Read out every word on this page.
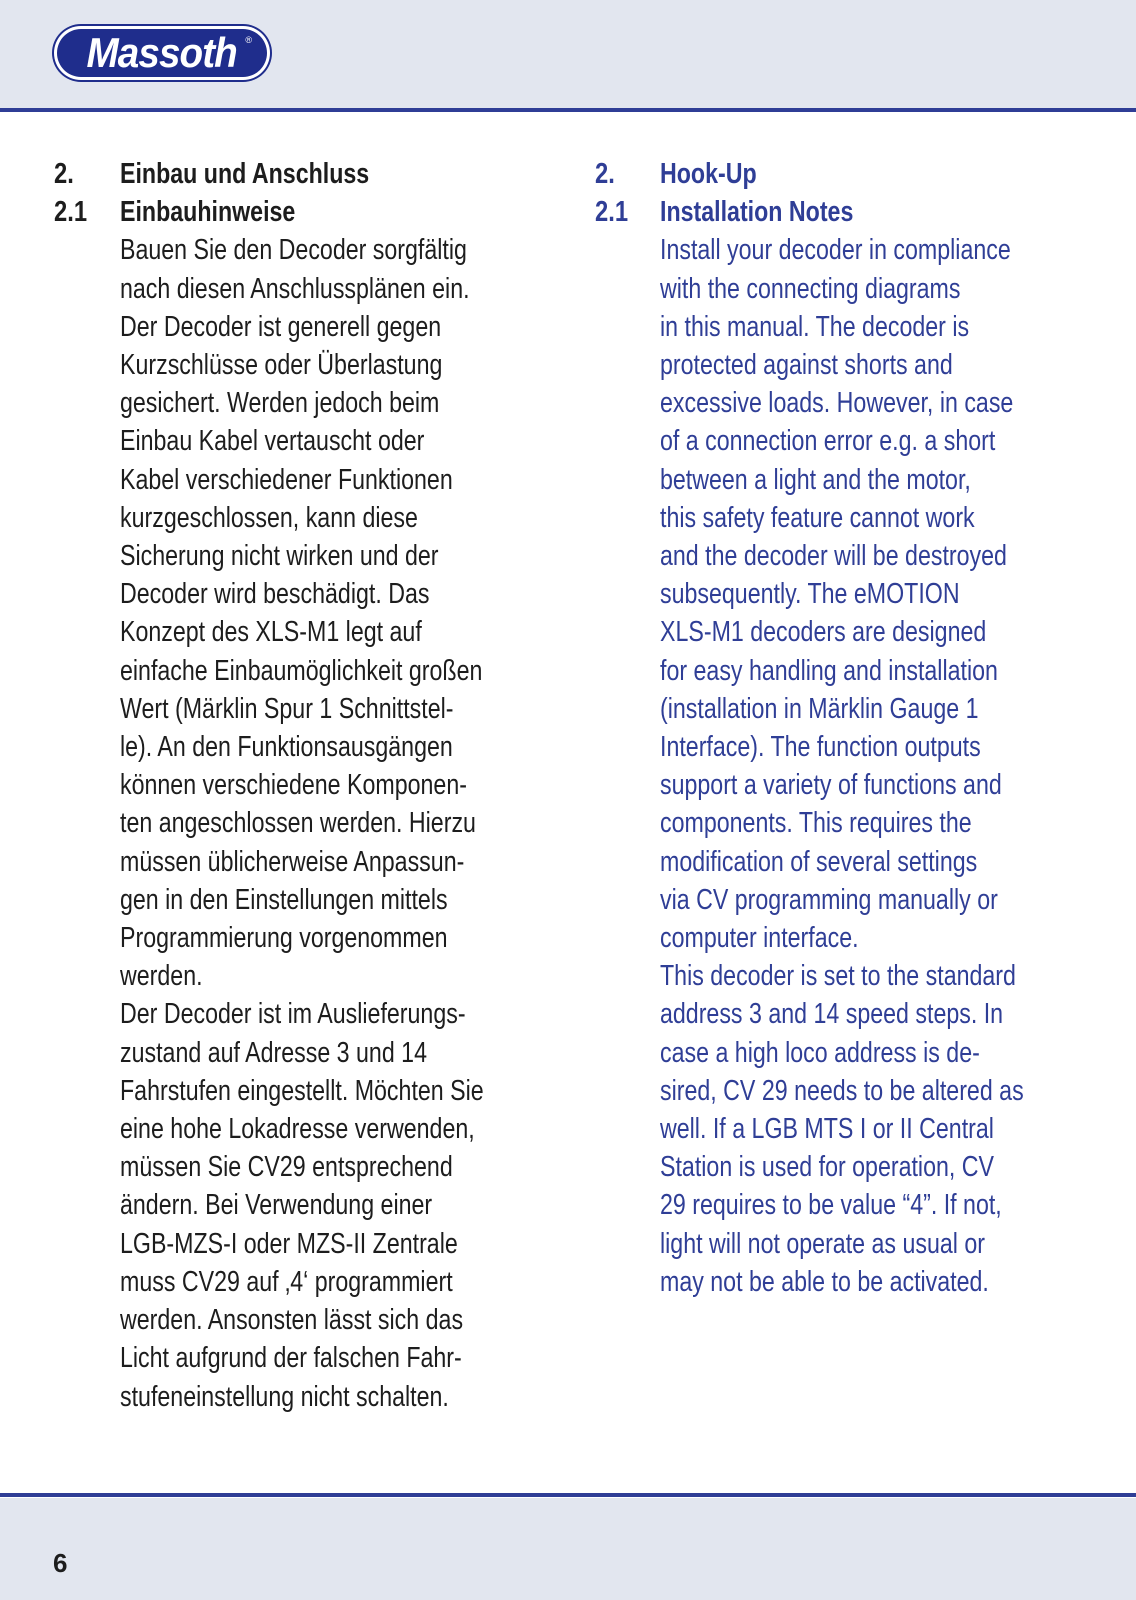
Massoth ®
2.	Einbau und Anschluss
2.1	Einbauhinweise
Bauen Sie den Decoder sorgfältig
nach diesen Anschlussplänen ein.
Der Decoder ist generell gegen
Kurzschlüsse oder Überlastung
gesichert. Werden jedoch beim
Einbau Kabel vertauscht oder
Kabel verschiedener Funktionen
kurzgeschlossen, kann diese
Sicherung nicht wirken und der
Decoder wird beschädigt. Das
Konzept des XLS-M1 legt auf
einfache Einbaumöglichkeit großen
Wert (Märklin Spur 1 Schnittstel-
le). An den Funktionsausgängen
können verschiedene Komponen-
ten angeschlossen werden. Hierzu
müssen üblicherweise Anpassun-
gen in den Einstellungen mittels
Programmierung vorgenommen
werden.
Der Decoder ist im Auslieferungs-
zustand auf Adresse 3 und 14
Fahrstufen eingestellt. Möchten Sie
eine hohe Lokadresse verwenden,
müssen Sie CV29 entsprechend
ändern. Bei Verwendung einer
LGB-MZS-I oder MZS-II Zentrale
muss CV29 auf ‚4‘ programmiert
werden. Ansonsten lässt sich das
Licht aufgrund der falschen Fahr-
stufeneinstellung nicht schalten.
2.	Hook-Up
2.1	Installation Notes
Install your decoder in compliance
with the connecting diagrams
in this manual. The decoder is
protected against shorts and
excessive loads. However, in case
of a connection error e.g. a short
between a light and the motor,
this safety feature cannot work
and the decoder will be destroyed
subsequently. The eMOTION
XLS-M1 decoders are designed
for easy handling and installation
(installation in Märklin Gauge 1
Interface). The function outputs
support a variety of functions and
components. This requires the
modification of several settings
via CV programming manually or
computer interface.
This decoder is set to the standard
address 3 and 14 speed steps. In
case a high loco address is de-
sired, CV 29 needs to be altered as
well. If a LGB MTS I or II Central
Station is used for operation, CV
29 requires to be value “4”. If not,
light will not operate as usual or
may not be able to be activated.
6
